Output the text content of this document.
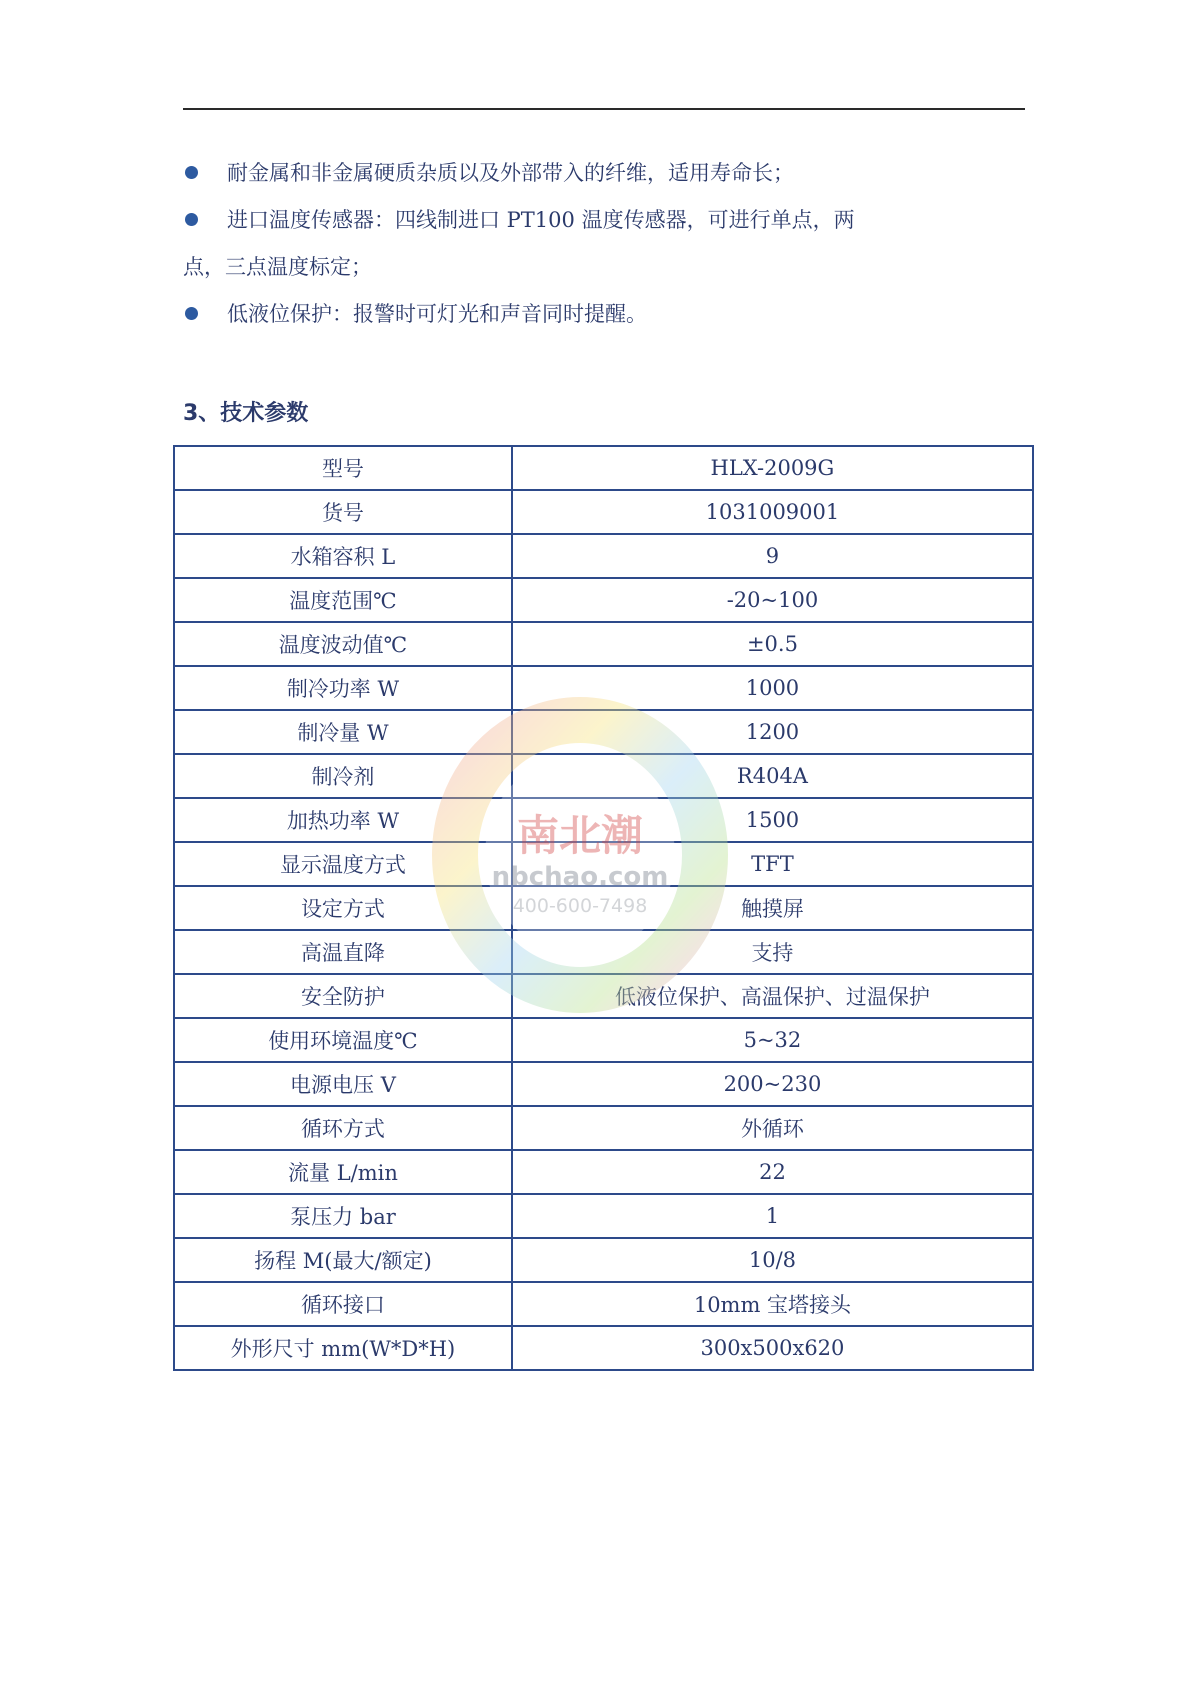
耐金属和非金属硬质杂质以及外部带入的纤维，适用寿命长；
进口温度传感器：四线制进口 PT100 温度传感器，可进行单点，两
点，三点温度标定；
低液位保护：报警时可灯光和声音同时提醒。
3、技术参数
型号	HLX-2009G
货号	1031009001
水箱容积 L	9
温度范围℃	-20~100
温度波动值℃	±0.5
制冷功率 W	1000
制冷量 W	1200
制冷剂	R404A
加热功率 W	1500
显示温度方式	TFT
设定方式	触摸屏
高温直降	支持
安全防护	低液位保护、高温保护、过温保护
使用环境温度℃	5~32
电源电压 V	200~230
循环方式	外循环
流量 L/min	22
泵压力 bar	1
扬程 M(最大/额定)	10/8
循环接口	10mm 宝塔接头
外形尺寸 mm(W*D*H)	300x500x620
南北潮
nbchao.com
400-600-7498
